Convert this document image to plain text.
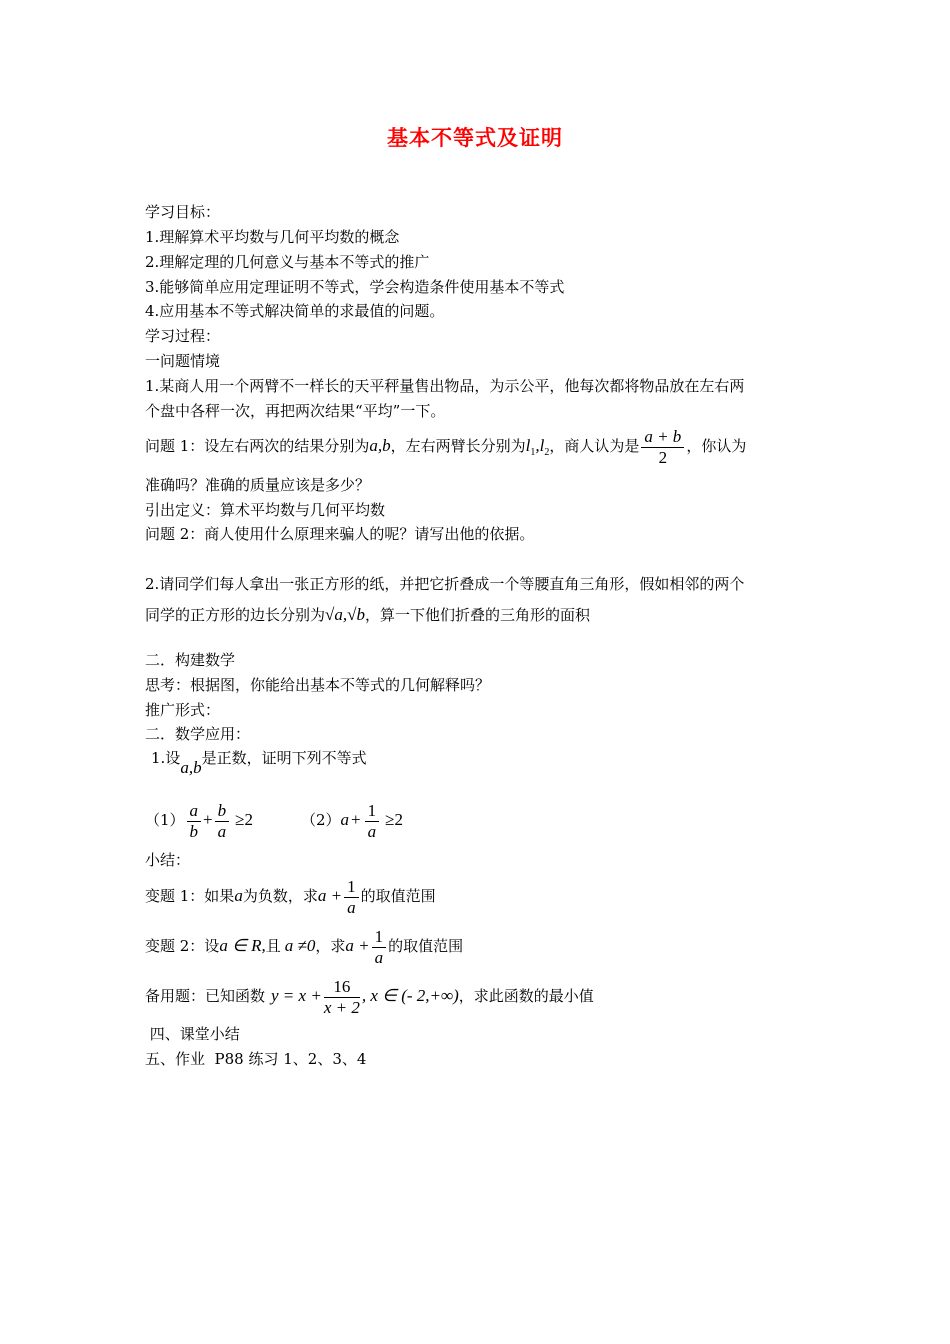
基本不等式及证明
学习目标：
1.理解算术平均数与几何平均数的概念
2.理解定理的几何意义与基本不等式的推广
3.能够简单应用定理证明不等式，学会构造条件使用基本不等式
4.应用基本不等式解决简单的求最值的问题。
学习过程：
一问题情境
1.某商人用一个两臂不一样长的天平秤量售出物品，为示公平，他每次都将物品放在左右两
个盘中各秤一次，再把两次结果“平均”一下。
问题 1：设左右两次的结果分别为a,b，左右两臂长分别为$l_1,l_2$，商人认为是 $\frac{a + b}{2}$ ，你认为
准确吗？准确的质量应该是多少？
引出定义：算术平均数与几何平均数
问题 2：商人使用什么原理来骗人的呢？请写出他的依据。
2.请同学们每人拿出一张正方形的纸，并把它折叠成一个等腰直角三角形，假如相邻的两个
同学的正方形的边长分别为√a,√b，算一下他们折叠的三角形的面积
二．构建数学
思考：根据图，你能给出基本不等式的几何解释吗？
推广形式：
二．数学应用：
1.设a,b是正数，证明下列不等式
$(1) \frac{a}{b} + \frac{b}{a} \ge 2$	$(2)a + \frac{1}{a} \ge 2$
小结：
变题 1：如果a为负数，求$a + \frac{1}{a}$ 的取值范围
变题 2：设a ∈ R,且 a ≠0，求$a + \frac{1}{a}$ 的取值范围
备用题：已知函数 $y = x + \frac{16}{x + 2}$ , x ∈ (- 2,+∞)，求此函数的最小值
四、课堂小结
五、作业  P88 练习 1、2、3、4
